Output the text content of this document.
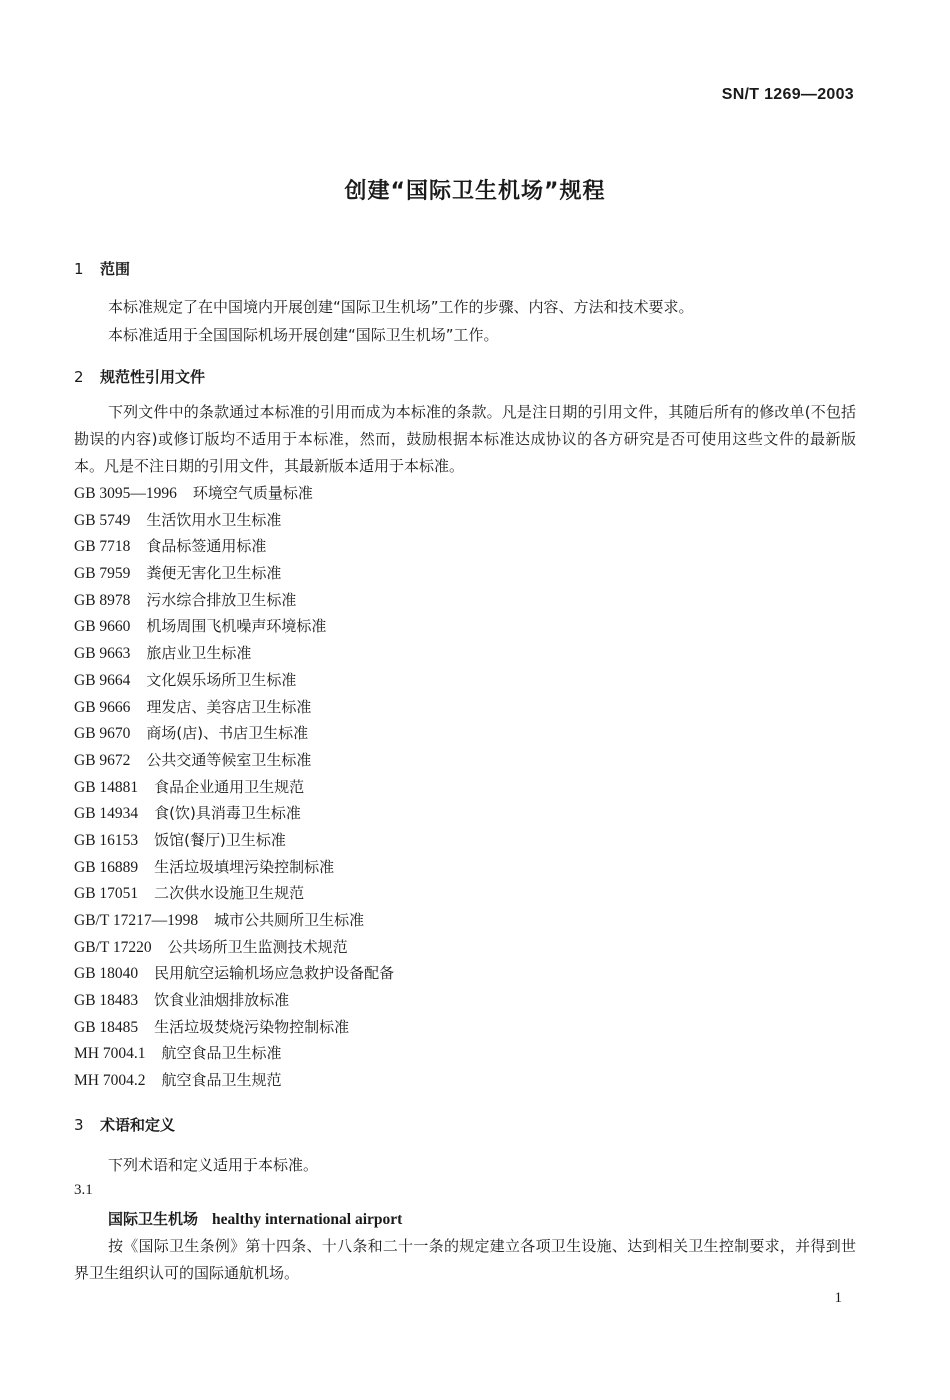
SN/T 1269—2003
创建“国际卫生机场”规程
1 范围
本标准规定了在中国境内开展创建“国际卫生机场”工作的步骤、内容、方法和技术要求。
本标准适用于全国国际机场开展创建“国际卫生机场”工作。
2 规范性引用文件
下列文件中的条款通过本标准的引用而成为本标准的条款。凡是注日期的引用文件，其随后所有的修改单(不包括勘误的内容)或修订版均不适用于本标准，然而，鼓励根据本标准达成协议的各方研究是否可使用这些文件的最新版本。凡是不注日期的引用文件，其最新版本适用于本标准。
GB 3095—1996 环境空气质量标准
GB 5749 生活饮用水卫生标准
GB 7718 食品标签通用标准
GB 7959 粪便无害化卫生标准
GB 8978 污水综合排放卫生标准
GB 9660 机场周围飞机噪声环境标准
GB 9663 旅店业卫生标准
GB 9664 文化娱乐场所卫生标准
GB 9666 理发店、美容店卫生标准
GB 9670 商场(店)、书店卫生标准
GB 9672 公共交通等候室卫生标准
GB 14881 食品企业通用卫生规范
GB 14934 食(饮)具消毒卫生标准
GB 16153 饭馆(餐厅)卫生标准
GB 16889 生活垃圾填埋污染控制标准
GB 17051 二次供水设施卫生规范
GB/T 17217—1998 城市公共厕所卫生标准
GB/T 17220 公共场所卫生监测技术规范
GB 18040 民用航空运输机场应急救护设备配备
GB 18483 饮食业油烟排放标准
GB 18485 生活垃圾焚烧污染物控制标准
MH 7004.1 航空食品卫生标准
MH 7004.2 航空食品卫生规范
3 术语和定义
下列术语和定义适用于本标准。
3.1
国际卫生机场 healthy international airport
按《国际卫生条例》第十四条、十八条和二十一条的规定建立各项卫生设施、达到相关卫生控制要求，并得到世界卫生组织认可的国际通航机场。
1
